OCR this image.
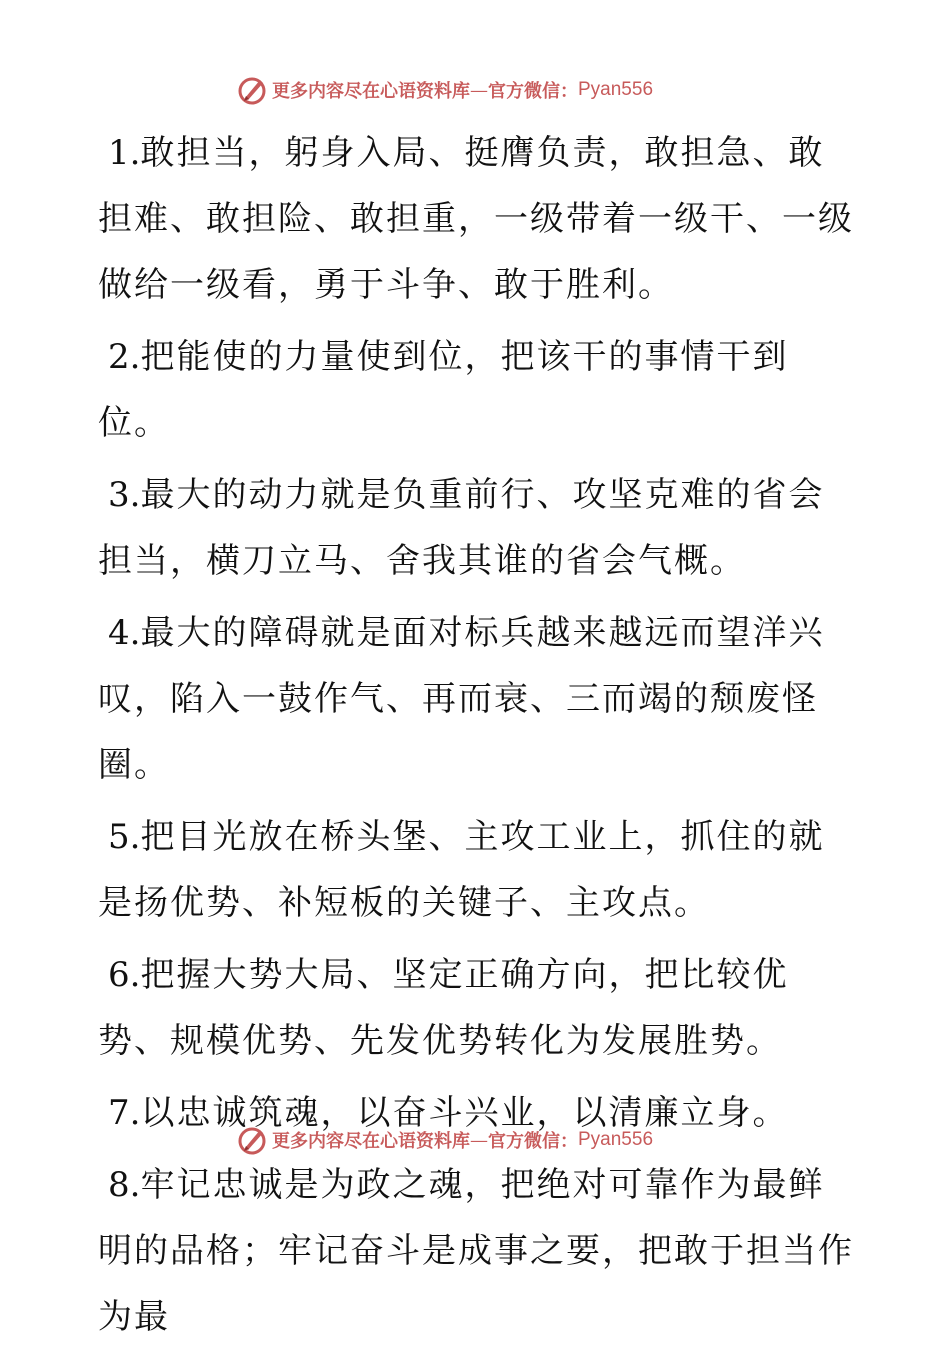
更多内容尽在心语资料库 — 官方微信： Pyan556

1.敢担当，躬身入局、挺膺负责，敢担急、敢担难、敢担险、敢担重，一级带着一级干、一级做给一级看，勇于斗争、敢于胜利。

2.把能使的力量使到位，把该干的事情干到位。

3.最大的动力就是负重前行、攻坚克难的省会担当，横刀立马、舍我其谁的省会气概。

4.最大的障碍就是面对标兵越来越远而望洋兴叹，陷入一鼓作气、再而衰、三而竭的颓废怪圈。

5.把目光放在桥头堡、主攻工业上，抓住的就是扬优势、补短板的关键子、主攻点。

6.把握大势大局、坚定正确方向，把比较优势、规模优势、先发优势转化为发展胜势。

7.以忠诚筑魂，以奋斗兴业，以清廉立身。

8.牢记忠诚是为政之魂，把绝对可靠作为最鲜明的品格；牢记奋斗是成事之要，把敢于担当作为最

更多内容尽在心语资料库 — 官方微信： Pyan556
